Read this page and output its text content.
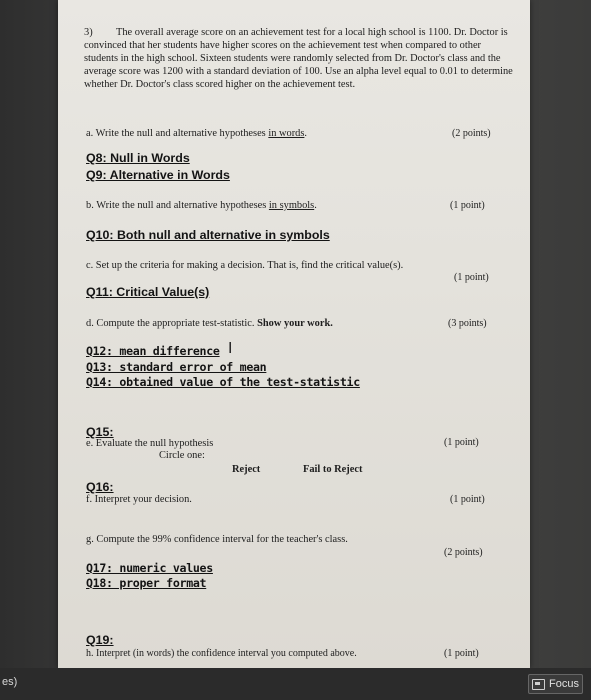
3) The overall average score on an achievement test for a local high school is 1100. Dr. Doctor is convinced that her students have higher scores on the achievement test when compared to other students in the high school. Sixteen students were randomly selected from Dr. Doctor's class and the average score was 1200 with a standard deviation of 100. Use an alpha level equal to 0.01 to determine whether Dr. Doctor's class scored higher on the achievement test.
a. Write the null and alternative hypotheses in words.	(2 points)
Q8: Null in Words
Q9: Alternative in Words
b. Write the null and alternative hypotheses in symbols.	(1 point)
Q10: Both null and alternative in symbols
c. Set up the criteria for making a decision. That is, find the critical value(s).
(1 point)
Q11: Critical Value(s)
d. Compute the appropriate test-statistic. Show your work.	(3 points)
Q12: mean difference I
Q13: standard error of mean
Q14: obtained value of the test-statistic
Q15:
e. Evaluate the null hypothesis
Circle one:
Reject	Fail to Reject
(1 point)
Q16:
f. Interpret your decision.	(1 point)
g. Compute the 99% confidence interval for the teacher's class.
(2 points)
Q17: numeric values
Q18: proper format
Q19:
h. Interpret (in words) the confidence interval you computed above.	(1 point)
es)	Focus
